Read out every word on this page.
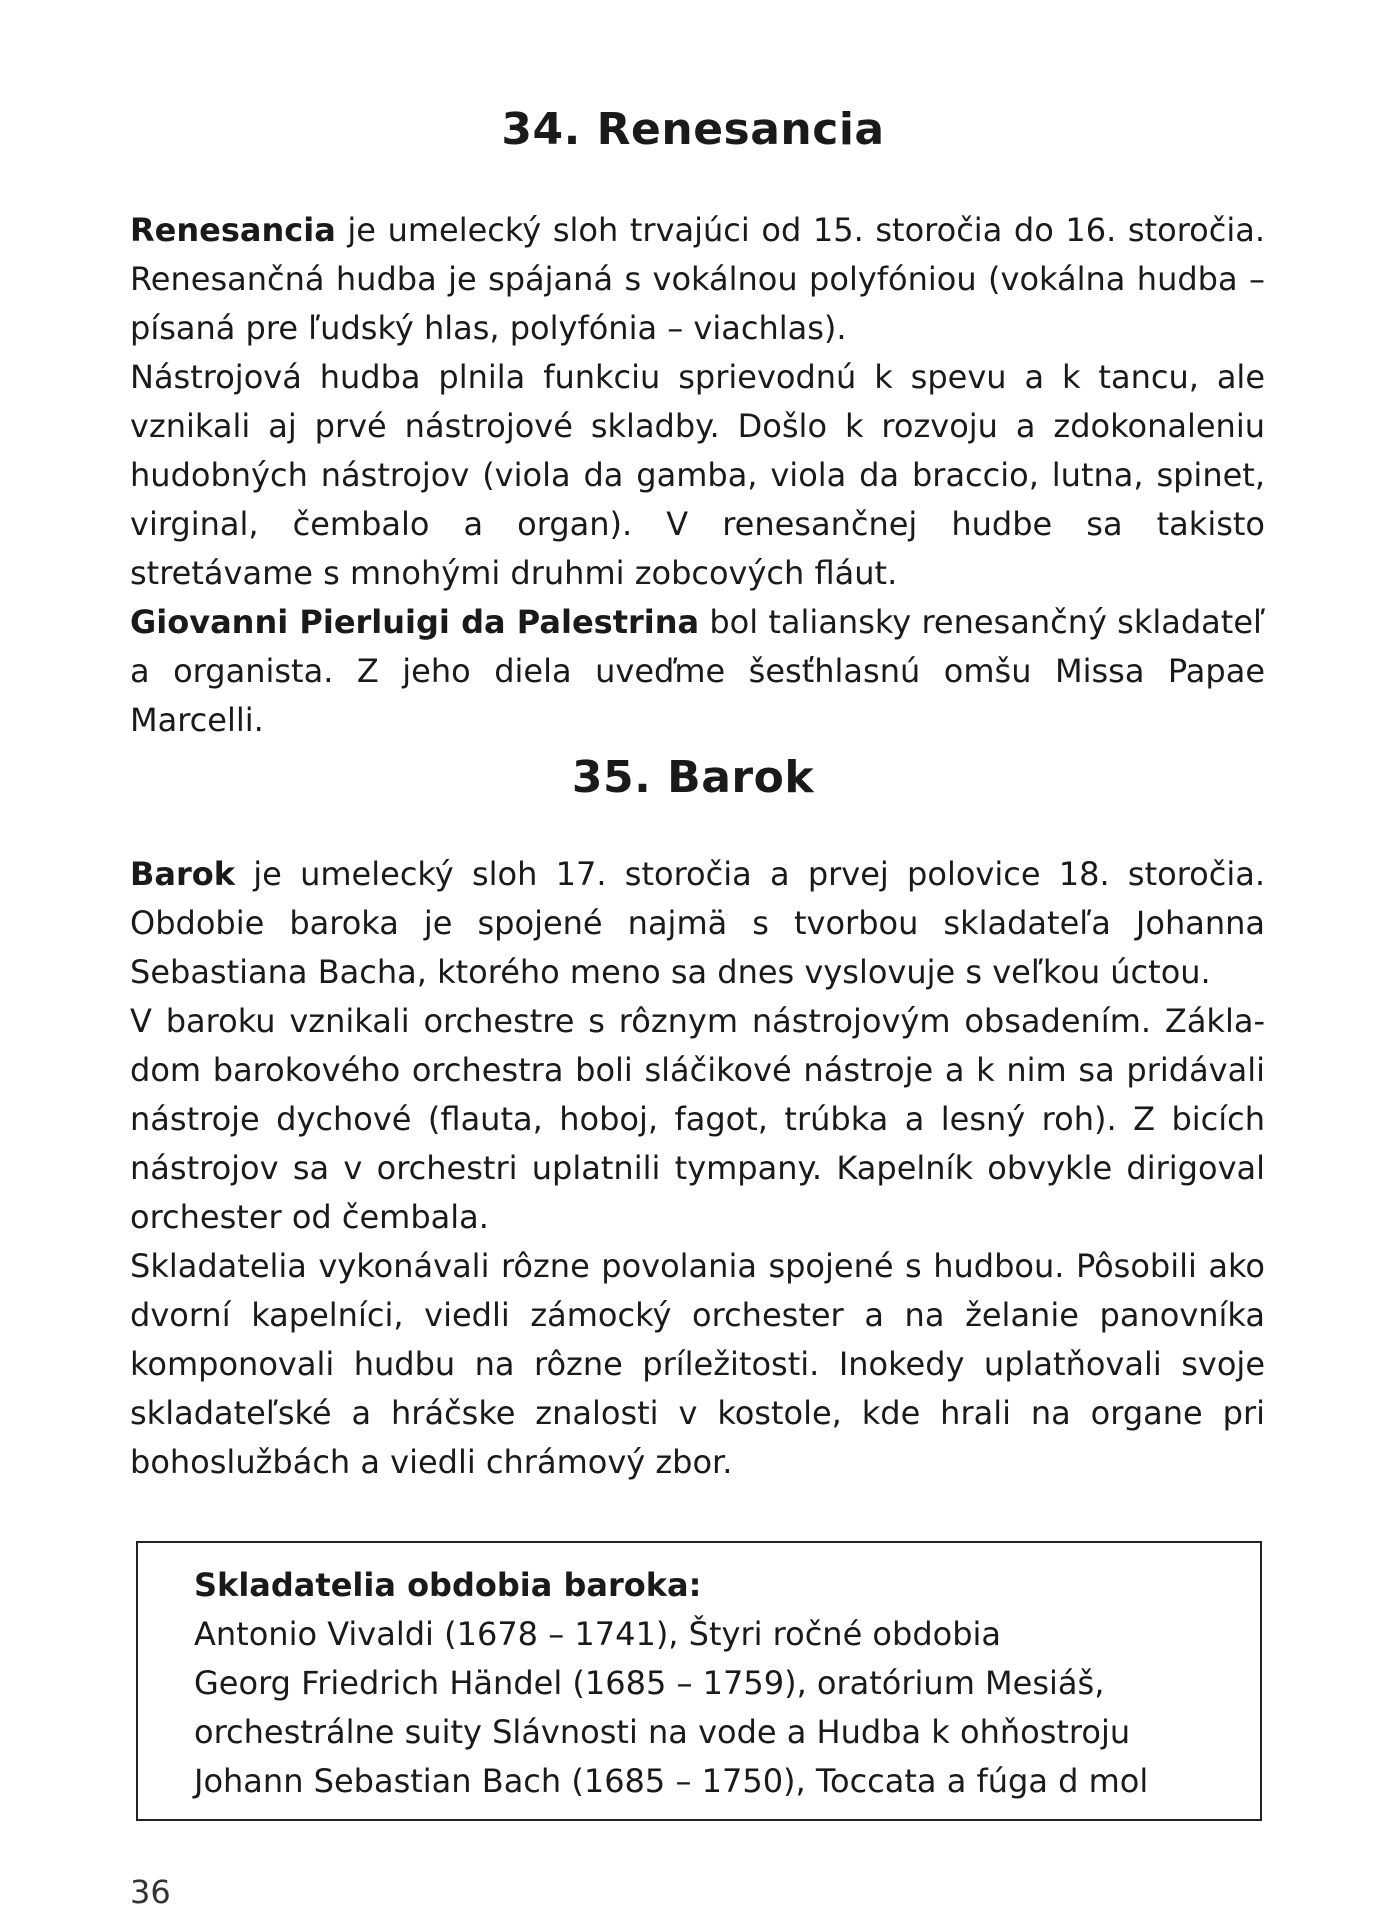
34. Renesancia

Renesancia je umelecký sloh trvajúci od 15. storočia do 16. storočia. Renesančná hudba je spájaná s vokálnou polyfóniou (vokálna hudba – písaná pre ľudský hlas, polyfónia – viachlas).

Nástrojová hudba plnila funkciu sprievodnú k spevu a k tancu, ale vznikali aj prvé nástrojové skladby. Došlo k rozvoju a zdokonaleniu hudobných nástrojov (viola da gamba, viola da braccio, lutna, spinet, virginal, čembalo a organ). V renesančnej hudbe sa takisto stretávame s mnohými druhmi zobcových fláut.

Giovanni Pierluigi da Palestrina bol taliansky renesančný skladateľ a organista. Z jeho diela uveďme šesťhlasnú omšu Missa Papae Marcelli.

35. Barok

Barok je umelecký sloh 17. storočia a prvej polovice 18. storočia. Obdobie baroka je spojené najmä s tvorbou skladateľa Johanna Sebastiana Bacha, ktorého meno sa dnes vyslovuje s veľkou úctou.

V baroku vznikali orchestre s rôznym nástrojovým obsadením. Základom barokového orchestra boli sláčikové nástroje a k nim sa pridávali nástroje dychové (flauta, hoboj, fagot, trúbka a lesný roh). Z bicích nástrojov sa v orchestri uplatnili tympany. Kapelník obvykle dirigoval orchester od čembala.

Skladatelia vykonávali rôzne povolania spojené s hudbou. Pôsobili ako dvorní kapelníci, viedli zámocký orchester a na želanie panovníka komponovali hudbu na rôzne príležitosti. Inokedy uplatňovali svoje skladateľské a hráčske znalosti v kostole, kde hrali na organe pri bohoslužbách a viedli chrámový zbor.

Skladatelia obdobia baroka:

Antonio Vivaldi (1678 – 1741), Štyri ročné obdobia

Georg Friedrich Händel (1685 – 1759), oratórium Mesiáš,

orchestrálne suity Slávnosti na vode a Hudba k ohňostroju

Johann Sebastian Bach (1685 – 1750), Toccata a fúga d mol

36
